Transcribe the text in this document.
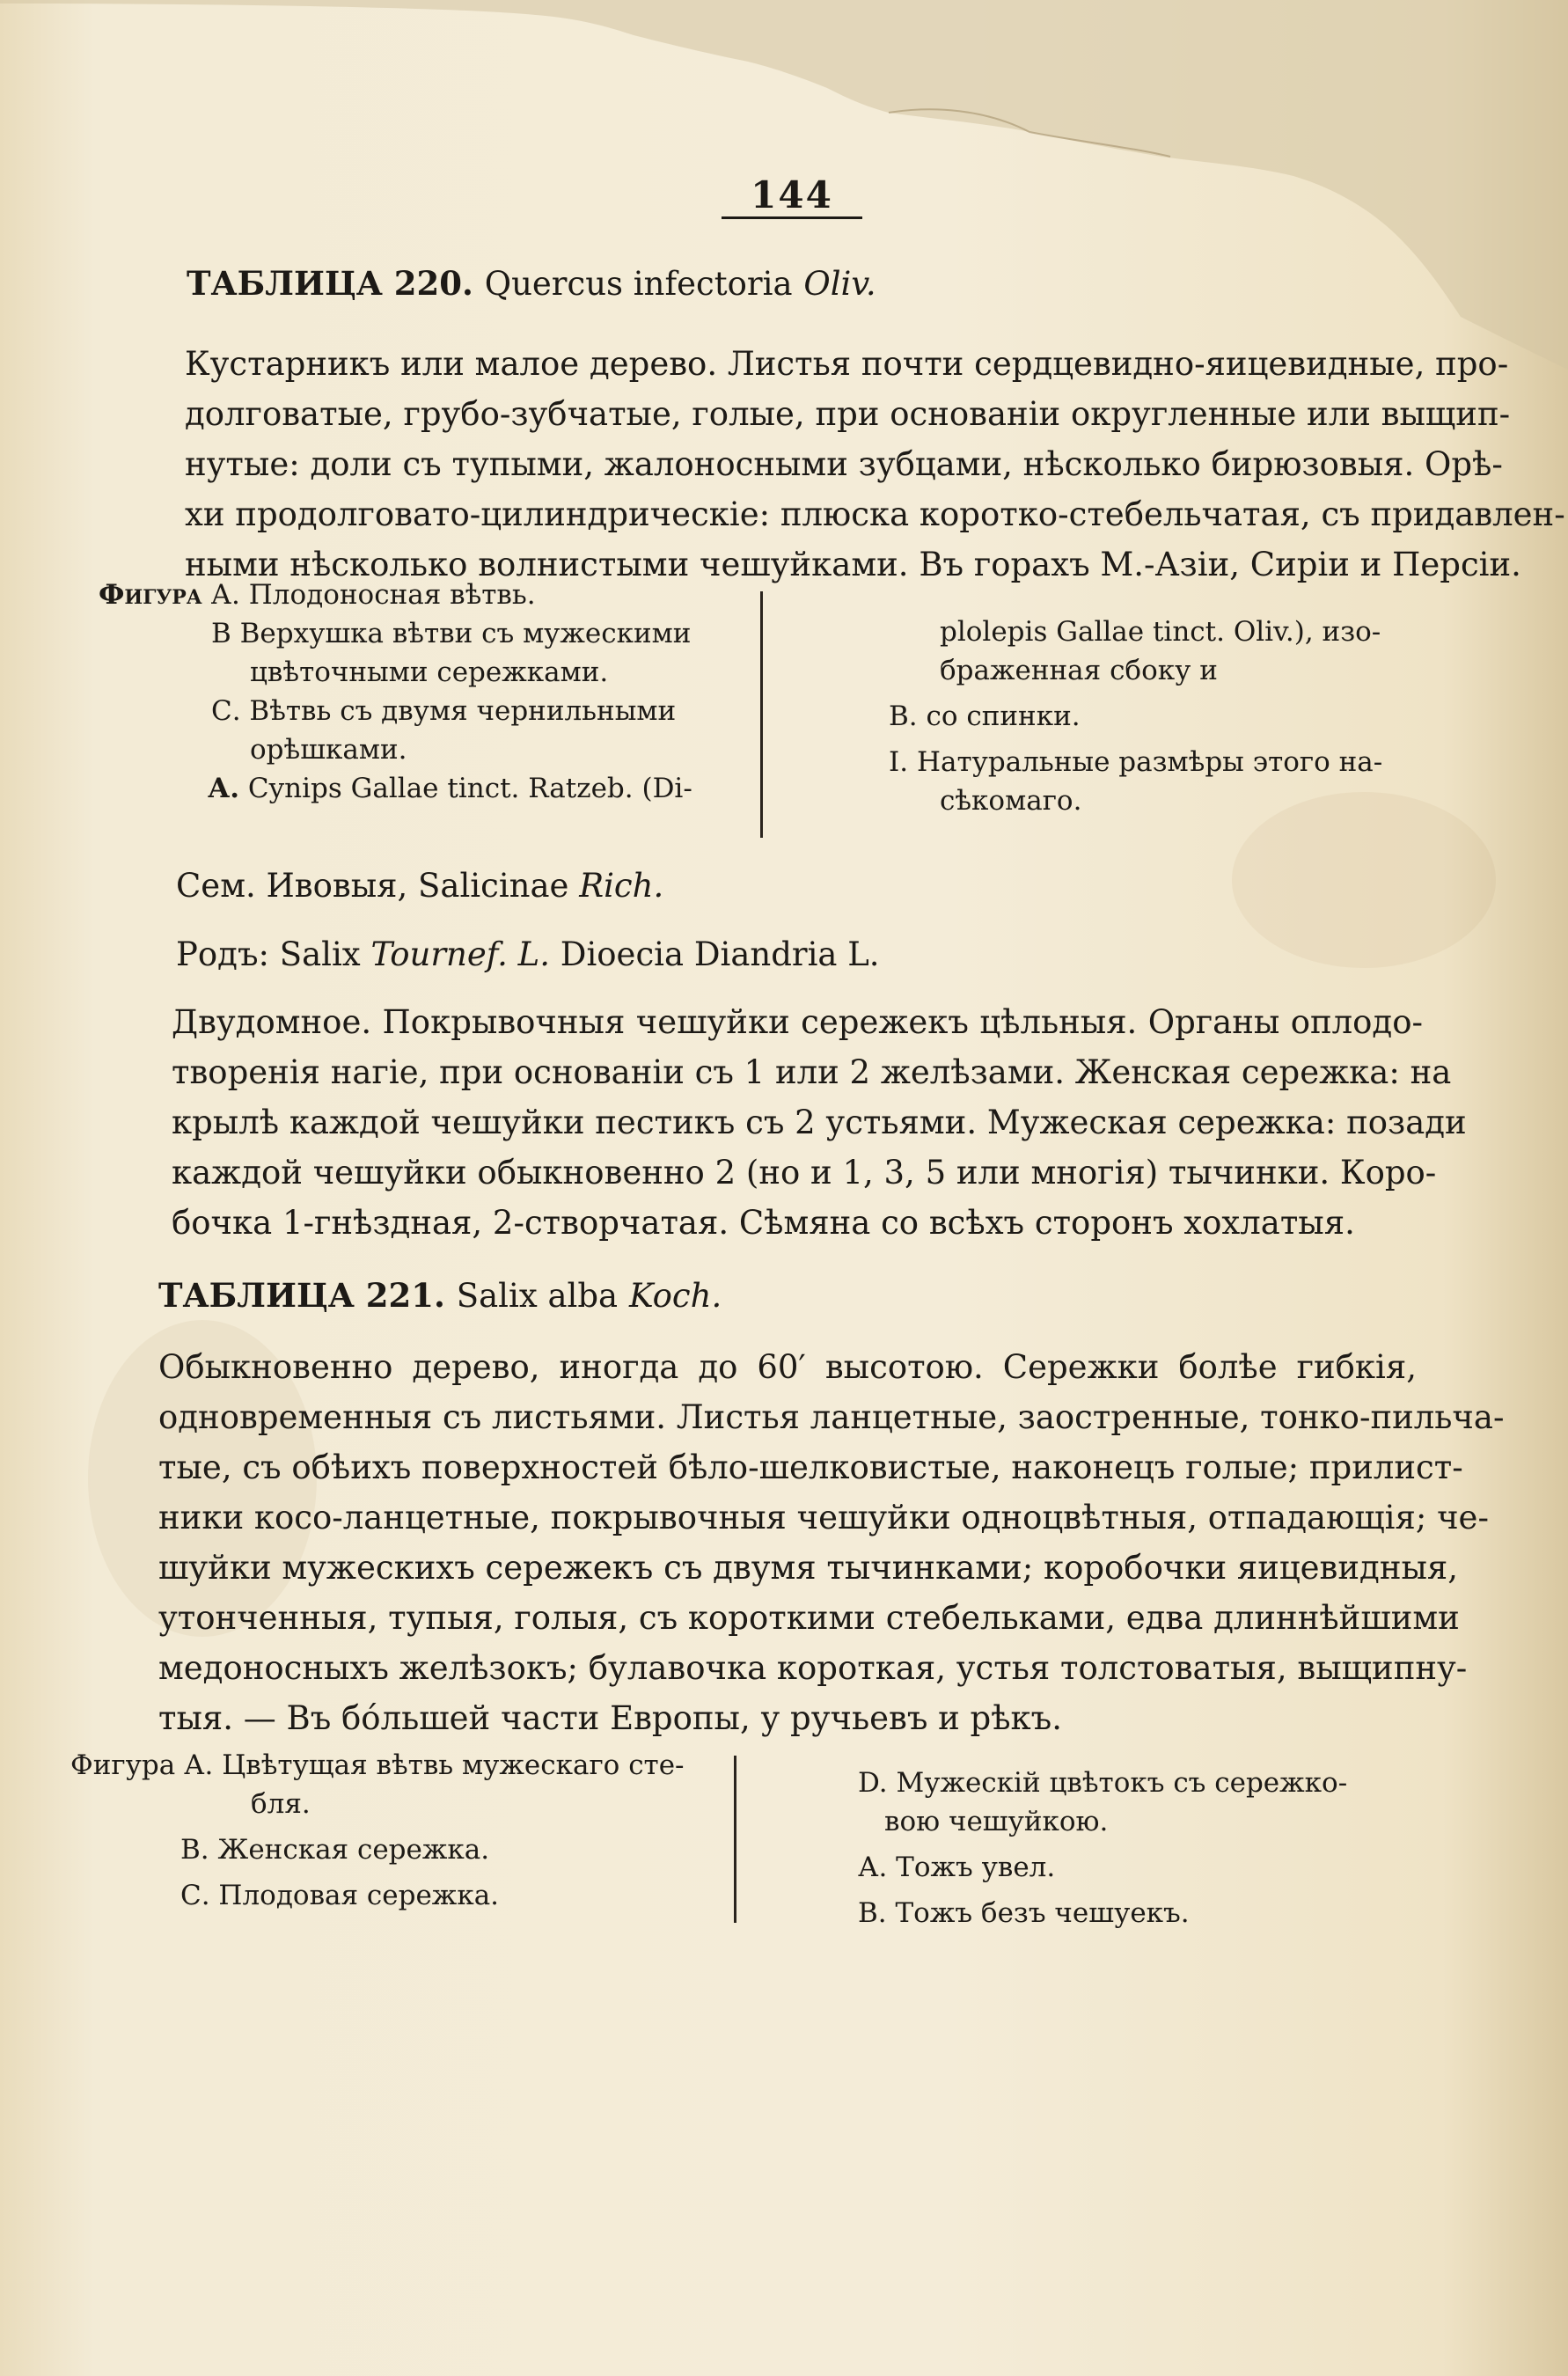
144
ТАБЛИЦА 220. Quercus infectoria Oliv.
Кустарникъ или малое дерево. Листья почти сердцевидно-яицевидные, про-
долговатые, грубо-зубчатые, голые, при основанiи округленные или выщип-
нутые: доли съ тупыми, жалоносными зубцами, нѣсколько бирюзовыя. Орѣ-
хи продолговато-цилиндрическiе: плюска коротко-стебельчатая, съ придавлен-
ными нѣсколько волнистыми чешуйками. Въ горахъ М.-Азiи, Сирiи и Персiи.
Фигура А. Плодоносная вѣтвь.
В Верхушка вѣтви съ мужескими
цвѣточными сережками.
С. Вѣтвь съ двумя чернильными
орѣшками.
А. Cynips Gallae tinct. Ratzeb. (Di-
plolepis Gallae tinct. Oliv.), изо-
браженная сбоку и
В. со спинки.
I. Натуральные размѣры этого на-
сѣкомаго.
Сем. Ивовыя, Salicinae Rich.
Родъ: Salix Tournef. L. Dioecia Diandria L.
Двудомное. Покрывочныя чешуйки сережекъ цѣльныя. Органы оплодо-
творенiя нагiе, при основанiи съ 1 или 2 желѣзами. Женская сережка: на
крылѣ каждой чешуйки пестикъ съ 2 устьями. Мужеская сережка: позади
каждой чешуйки обыкновенно 2 (но и 1, 3, 5 или многiя) тычинки. Коро-
бочка 1-гнѣздная, 2-створчатая. Сѣмяна со всѣхъ сторонъ хохлатыя.
ТАБЛИЦА 221. Salix alba Koch.
Обыкновенно дерево, иногда до 60′ высотою. Сережки болѣе гибкiя,
одновременныя съ листьями. Листья ланцетные, заостренные, тонко-пильча-
тые, съ обѣихъ поверхностей бѣло-шелковистые, наконецъ голые; прилист-
ники косо-ланцетные, покрывочныя чешуйки одноцвѣтныя, отпадающiя; че-
шуйки мужескихъ сережекъ съ двумя тычинками; коробочки яицевидныя,
утонченныя, тупыя, голыя, съ короткими стебельками, едва длиннѣйшими
медоносныхъ желѣзокъ; булавочка короткая, устья толстоватыя, выщипну-
тыя. — Въ бóльшей части Европы, у ручьевъ и рѣкъ.
Фигура А. Цвѣтущая вѣтвь мужескаго сте-
бля.
В. Женская сережка.
С. Плодовая сережка.
D. Мужескiй цвѣтокъ съ сережко-
вою чешуйкою.
А. Тожъ увел.
В. Тожъ безъ чешуекъ.
